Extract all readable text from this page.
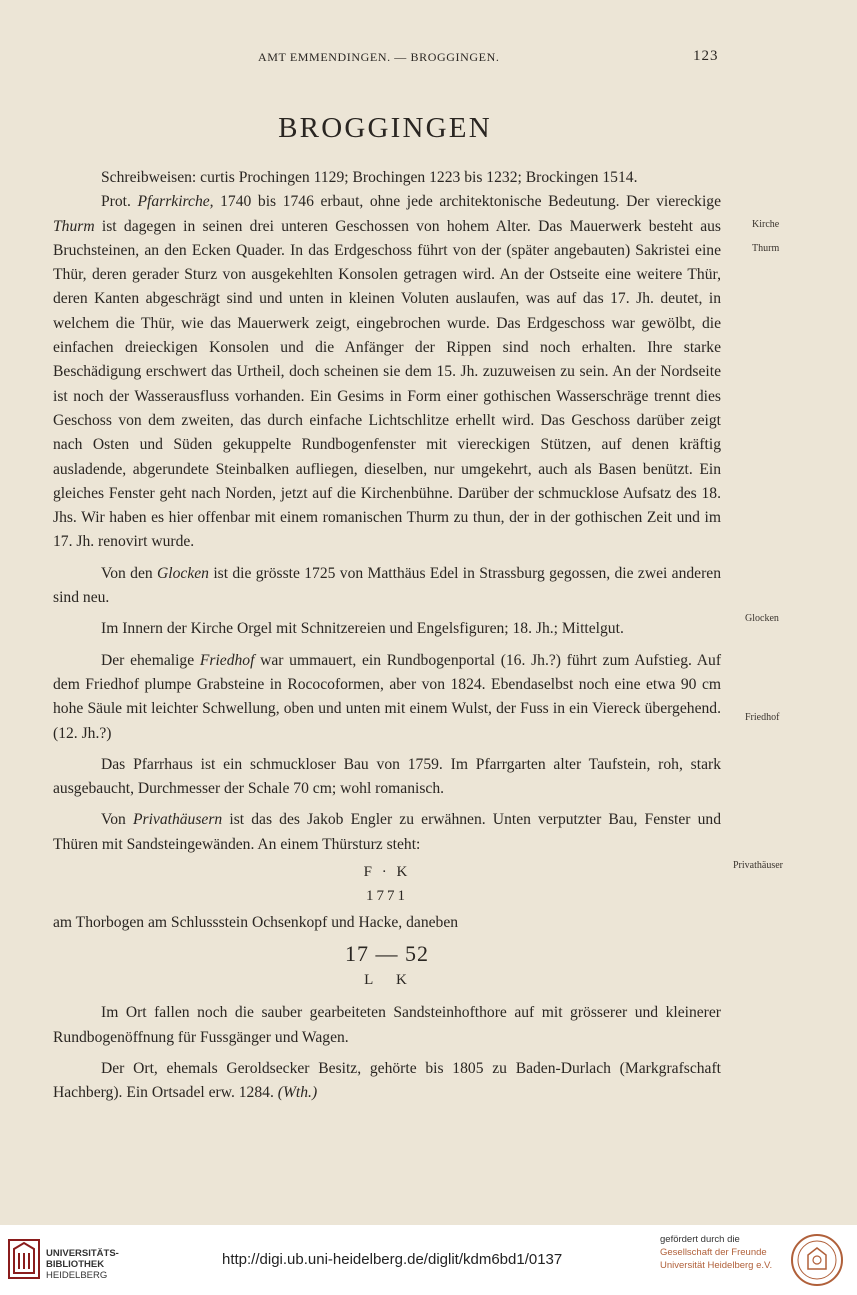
AMT EMMENDINGEN. — BROGGINGEN.	123
BROGGINGEN

Schreibweisen: curtis Prochingen 1129; Brochingen 1223 bis 1232; Brockingen 1514.

Prot. Pfarrkirche, 1740 bis 1746 erbaut, ohne jede architektonische Bedeutung. Der viereckige Thurm ist dagegen in seinen drei unteren Geschossen von hohem Alter. Das Mauerwerk besteht aus Bruchsteinen, an den Ecken Quader. In das Erdgeschoss führt von der (später angebauten) Sakristei eine Thür, deren gerader Sturz von ausgekehlten Konsolen getragen wird. An der Ostseite eine weitere Thür, deren Kanten abgeschrägt sind und unten in kleinen Voluten auslaufen, was auf das 17. Jh. deutet, in welchem die Thür, wie das Mauerwerk zeigt, eingebrochen wurde. Das Erdgeschoss war gewölbt, die einfachen dreieckigen Konsolen und die Anfänger der Rippen sind noch erhalten. Ihre starke Beschädigung erschwert das Urtheil, doch scheinen sie dem 15. Jh. zuzuweisen zu sein. An der Nordseite ist noch der Wasserausfluss vorhanden. Ein Gesims in Form einer gothischen Wasserschräge trennt dies Geschoss von dem zweiten, das durch einfache Lichtschlitze erhellt wird. Das Geschoss darüber zeigt nach Osten und Süden gekuppelte Rundbogenfenster mit viereckigen Stützen, auf denen kräftig ausladende, abgerundete Steinbalken aufliegen, dieselben, nur umgekehrt, auch als Basen benützt. Ein gleiches Fenster geht nach Norden, jetzt auf die Kirchenbühne. Darüber der schmucklose Aufsatz des 18. Jhs. Wir haben es hier offenbar mit einem romanischen Thurm zu thun, der in der gothischen Zeit und im 17. Jh. renovirt wurde.

Von den Glocken ist die grösste 1725 von Matthäus Edel in Strassburg gegossen, die zwei anderen sind neu.

Im Innern der Kirche Orgel mit Schnitzereien und Engelsfiguren; 18. Jh.; Mittelgut.

Der ehemalige Friedhof war ummauert, ein Rundbogenportal (16. Jh.?) führt zum Aufstieg. Auf dem Friedhof plumpe Grabsteine in Rococoformen, aber von 1824. Ebendaselbst noch eine etwa 90 cm hohe Säule mit leichter Schwellung, oben und unten mit einem Wulst, der Fuss in ein Viereck übergehend. (12. Jh.?)

Das Pfarrhaus ist ein schmuckloser Bau von 1759. Im Pfarrgarten alter Taufstein, roh, stark ausgebaucht, Durchmesser der Schale 70 cm; wohl romanisch.

Von Privathäusern ist das des Jakob Engler zu erwähnen. Unten verputzter Bau, Fenster und Thüren mit Sandsteingewänden. An einem Thürsturz steht:

F · K

1771

am Thorbogen am Schlussstein Ochsenkopf und Hacke, daneben

17 — 52

L   K

Im Ort fallen noch die sauber gearbeiteten Sandsteinhofthore auf mit grösserer und kleinerer Rundbogenöffnung für Fussgänger und Wagen.

Der Ort, ehemals Geroldsecker Besitz, gehörte bis 1805 zu Baden-Durlach (Markgrafschaft Hachberg). Ein Ortsadel erw. 1284. (Wth.)

Kirche
Thurm
Glocken
Friedhof
Privathäuser
UNIVERSITÄTS-
BIBLIOTHEK
HEIDELBERG
http://digi.ub.uni-heidelberg.de/diglit/kdm6bd1/0137
gefördert durch die
Gesellschaft der Freunde
Universität Heidelberg e.V.
